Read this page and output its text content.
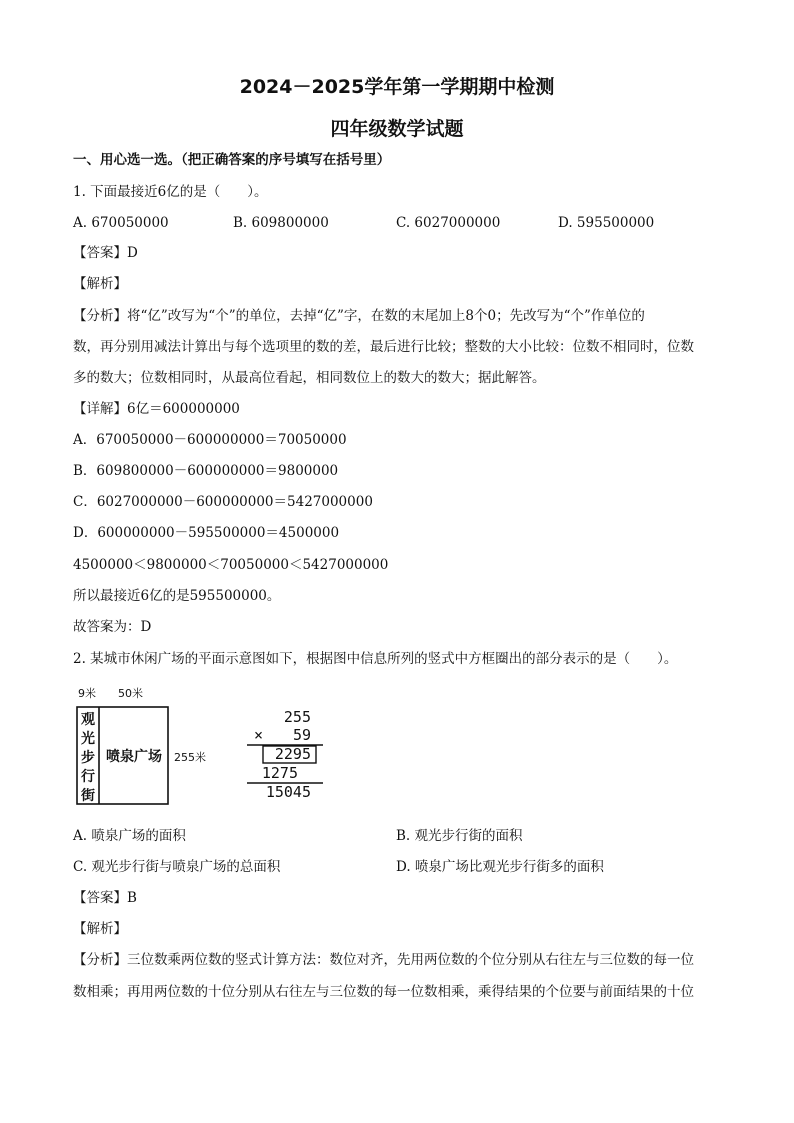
2024－2025学年第一学期期中检测
四年级数学试题
一、用心选一选。（把正确答案的序号填写在括号里）
1. 下面最接近6亿的是（　　）。
A. 670050000	B. 609800000	C. 6027000000	D. 595500000
【答案】D
【解析】
【分析】将“亿”改写为“个”的单位，去掉“亿”字，在数的末尾加上8个0；先改写为“个”作单位的
数，再分别用减法计算出与每个选项里的数的差，最后进行比较；整数的大小比较：位数不相同时，位数
多的数大；位数相同时，从最高位看起，相同数位上的数大的数大；据此解答。
【详解】6亿＝600000000
A．670050000－600000000＝70050000
B．609800000－600000000＝9800000
C．6027000000－600000000＝5427000000
D．600000000－595500000＝4500000
4500000＜9800000＜70050000＜5427000000
所以最接近6亿的是595500000。
故答案为：D
2. 某城市休闲广场的平面示意图如下，根据图中信息所列的竖式中方框圈出的部分表示的是（　　）。
9米 50米
观
光
步
行
街
喷泉广场 255米
255
× 59
2295
1275
15045
A. 喷泉广场的面积	B. 观光步行街的面积
C. 观光步行街与喷泉广场的总面积	D. 喷泉广场比观光步行街多的面积
【答案】B
【解析】
【分析】三位数乘两位数的竖式计算方法：数位对齐，先用两位数的个位分别从右往左与三位数的每一位
数相乘；再用两位数的十位分别从右往左与三位数的每一位数相乘，乘得结果的个位要与前面结果的十位
